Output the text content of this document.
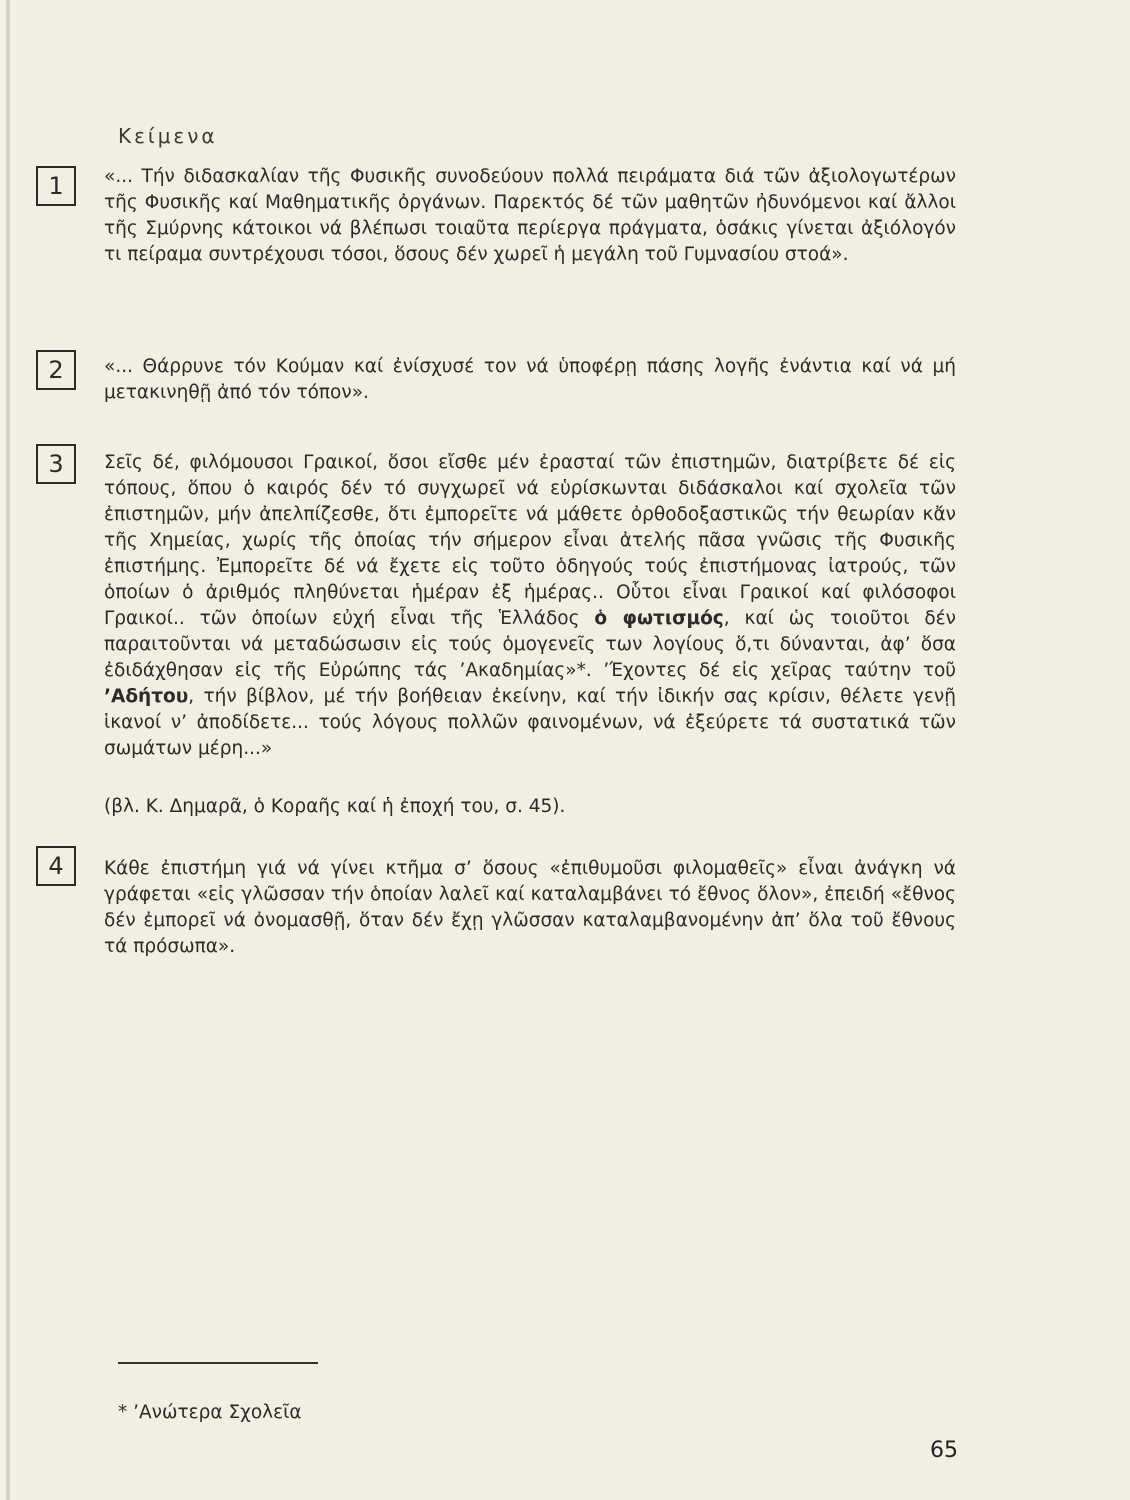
Κείμενα
1	«... Τήν διδασκαλίαν τῆς Φυσικῆς συνοδεύουν πολλά πειράματα διά τῶν ἀξιολογωτέρων τῆς Φυσικῆς καί Μαθηματικῆς ὀργάνων. Παρεκτός δέ τῶν μαθητῶν ἠδυνόμενοι καί ἄλλοι τῆς Σμύρνης κάτοικοι νά βλέπωσι τοιαῦτα περίεργα πράγματα, ὁσάκις γίνεται ἀξιόλογόν τι πείραμα συντρέχουσι τόσοι, ὅσους δέν χωρεῖ ἡ μεγάλη τοῦ Γυμνασίου στοά».
2	«... Θάρρυνε τόν Κούμαν καί ἐνίσχυσέ τον νά ὑποφέρῃ πάσης λογῆς ἐνάντια καί νά μή μετακινηθῇ ἀπό τόν τόπον».
3	Σεῖς δέ, φιλόμουσοι Γραικοί, ὅσοι εἴσθε μέν ἐρασταί τῶν ἐπιστημῶν, διατρίβετε δέ εἰς τόπους, ὅπου ὁ καιρός δέν τό συγχωρεῖ νά εὑρίσκωνται διδάσκαλοι καί σχολεῖα τῶν ἐπιστημῶν, μήν ἀπελπίζεσθε, ὅτι ἐμπορεῖτε νά μάθετε ὀρθοδοξαστικῶς τήν θεωρίαν κἄν τῆς Χημείας, χωρίς τῆς ὁποίας τήν σήμερον εἶναι ἀτελής πᾶσα γνῶσις τῆς Φυσικῆς ἐπιστήμης. Ἐμπορεῖτε δέ νά ἔχετε εἰς τοῦτο ὁδηγούς τούς ἐπιστήμονας ἰατρούς, τῶν ὁποίων ὁ ἀριθμός πληθύνεται ἡμέραν ἐξ ἡμέρας.. Οὗτοι εἶναι Γραικοί καί φιλόσοφοι Γραικοί.. τῶν ὁποίων εὐχή εἶναι τῆς Ἑλλάδος ὁ φωτισμός, καί ὡς τοιοῦτοι δέν παραιτοῦνται νά μεταδώσωσιν εἰς τούς ὁμογενεῖς των λογίους ὅ,τι δύνανται, ἀφ’ ὅσα ἐδιδάχθησαν εἰς τῆς Εὐρώπης τάς ’Ακαδημίας»*. ’Έχοντες δέ εἰς χεῖρας ταύτην τοῦ ’Αδήτου, τήν βίβλον, μέ τήν βοήθειαν ἐκείνην, καί τήν ἰδικήν σας κρίσιν, θέλετε γενῇ ἱκανοί ν’ ἀποδίδετε... τούς λόγους πολλῶν φαινομένων, νά ἐξεύρετε τά συστατικά τῶν σωμάτων μέρη...»
(βλ. Κ. Δημαρᾶ, ὁ Κοραῆς καί ἡ ἐποχή του, σ. 45).
4	Κάθε ἐπιστήμη γιά νά γίνει κτῆμα σ’ ὅσους «ἐπιθυμοῦσι φιλομαθεῖς» εἶναι ἀνάγκη νά γράφεται «εἰς γλῶσσαν τήν ὁποίαν λαλεῖ καί καταλαμβάνει τό ἔθνος ὅλον», ἐπειδή «ἔθνος δέν ἐμπορεῖ νά ὀνομασθῇ, ὅταν δέν ἔχῃ γλῶσσαν καταλαμβανομένην ἀπ’ ὅλα τοῦ ἔθνους τά πρόσωπα».
* ’Ανώτερα Σχολεῖα
65
